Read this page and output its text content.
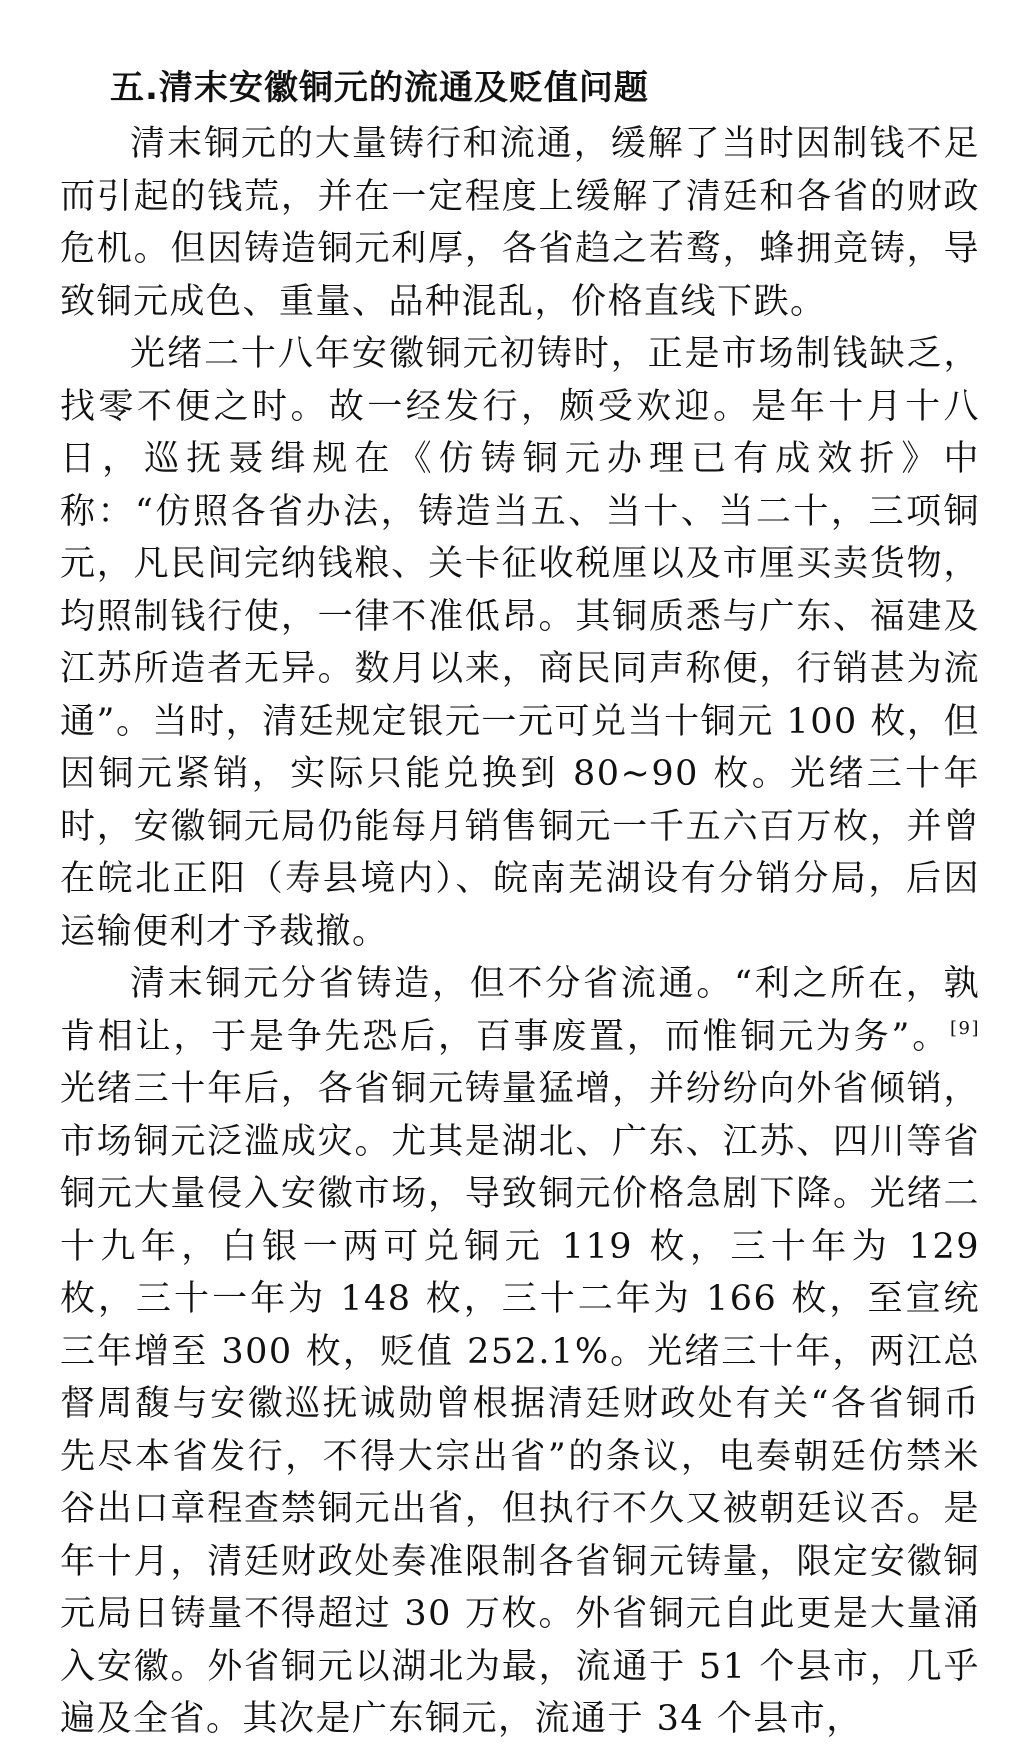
五.清末安徽铜元的流通及贬值问题

清末铜元的大量铸行和流通，缓解了当时因制钱不足而引起的钱荒，并在一定程度上缓解了清廷和各省的财政危机。但因铸造铜元利厚，各省趋之若鹜，蜂拥竞铸，导致铜元成色、重量、品种混乱，价格直线下跌。

光绪二十八年安徽铜元初铸时，正是市场制钱缺乏，找零不便之时。故一经发行，颇受欢迎。是年十月十八日，巡抚聂缉规在《仿铸铜元办理已有成效折》中称：“仿照各省办法，铸造当五、当十、当二十，三项铜元，凡民间完纳钱粮、关卡征收税厘以及市厘买卖货物，均照制钱行使，一律不准低昂。其铜质悉与广东、福建及江苏所造者无异。数月以来，商民同声称便，行销甚为流通”。当时，清廷规定银元一元可兑当十铜元 100 枚，但因铜元紧销，实际只能兑换到 80~90 枚。光绪三十年时，安徽铜元局仍能每月销售铜元一千五六百万枚，并曾在皖北正阳（寿县境内）、皖南芜湖设有分销分局，后因运输便利才予裁撤。

清末铜元分省铸造，但不分省流通。“利之所在，孰肯相让，于是争先恐后，百事废置，而惟铜元为务”。[9]光绪三十年后，各省铜元铸量猛增，并纷纷向外省倾销，市场铜元泛滥成灾。尤其是湖北、广东、江苏、四川等省铜元大量侵入安徽市场，导致铜元价格急剧下降。光绪二十九年，白银一两可兑铜元 119 枚，三十年为 129 枚，三十一年为 148 枚，三十二年为 166 枚，至宣统三年增至 300 枚，贬值 252.1%。光绪三十年，两江总督周馥与安徽巡抚诚勋曾根据清廷财政处有关“各省铜币先尽本省发行，不得大宗出省”的条议，电奏朝廷仿禁米谷出口章程查禁铜元出省，但执行不久又被朝廷议否。是年十月，清廷财政处奏准限制各省铜元铸量，限定安徽铜元局日铸量不得超过 30 万枚。外省铜元自此更是大量涌入安徽。外省铜元以湖北为最，流通于 51 个县市，几乎遍及全省。其次是广东铜元，流通于 34 个县市，
